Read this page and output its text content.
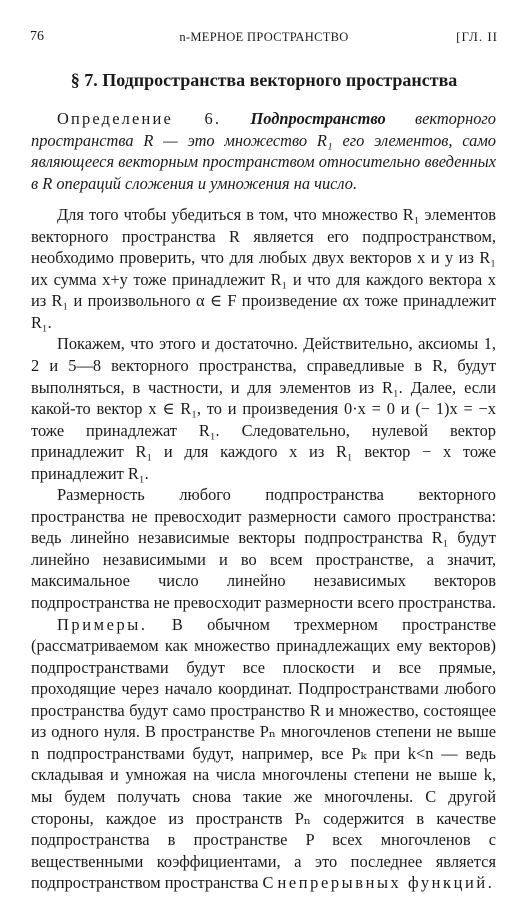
76	n-МЕРНОЕ ПРОСТРАНСТВО	[ГЛ. II
§ 7. Подпространства векторного пространства

Определение 6. Подпространство векторного пространства R — это множество R₁ его элементов, само являющееся векторным пространством относительно введенных в R операций сложения и умножения на число.

Для того чтобы убедиться в том, что множество R₁ элементов векторного пространства R является его подпространством, необходимо проверить, что для любых двух векторов x и y из R₁ их сумма x+y тоже принадлежит R₁ и что для каждого вектора x из R₁ и произвольного α ∈ F произведение αx тоже принадлежит R₁.

Покажем, что этого и достаточно. Действительно, аксиомы 1, 2 и 5—8 векторного пространства, справедливые в R, будут выполняться, в частности, и для элементов из R₁. Далее, если какой-то вектор x ∈ R₁, то и произведения 0·x = 0 и (− 1)x = −x тоже принадлежат R₁. Следовательно, нулевой вектор принадлежит R₁ и для каждого x из R₁ вектор − x тоже принадлежит R₁.

Размерность любого подпространства векторного пространства не превосходит размерности самого пространства: ведь линейно независимые векторы подпространства R₁ будут линейно независимыми и во всем пространстве, а значит, максимальное число линейно независимых векторов подпространства не превосходит размерности всего пространства.

Примеры. В обычном трехмерном пространстве (рассматриваемом как множество принадлежащих ему векторов) подпространствами будут все плоскости и все прямые, проходящие через начало координат. Подпространствами любого пространства будут само пространство R и множество, состоящее из одного нуля. В пространстве Pₙ многочленов степени не выше n подпространствами будут, например, все Pₖ при k<n — ведь складывая и умножая на числа многочлены степени не выше k, мы будем получать снова такие же многочлены. С другой стороны, каждое из пространств Pₙ содержится в качестве подпространства в пространстве P всех многочленов с вещественными коэффициентами, а это последнее является подпространством пространства C непрерывных функций.
